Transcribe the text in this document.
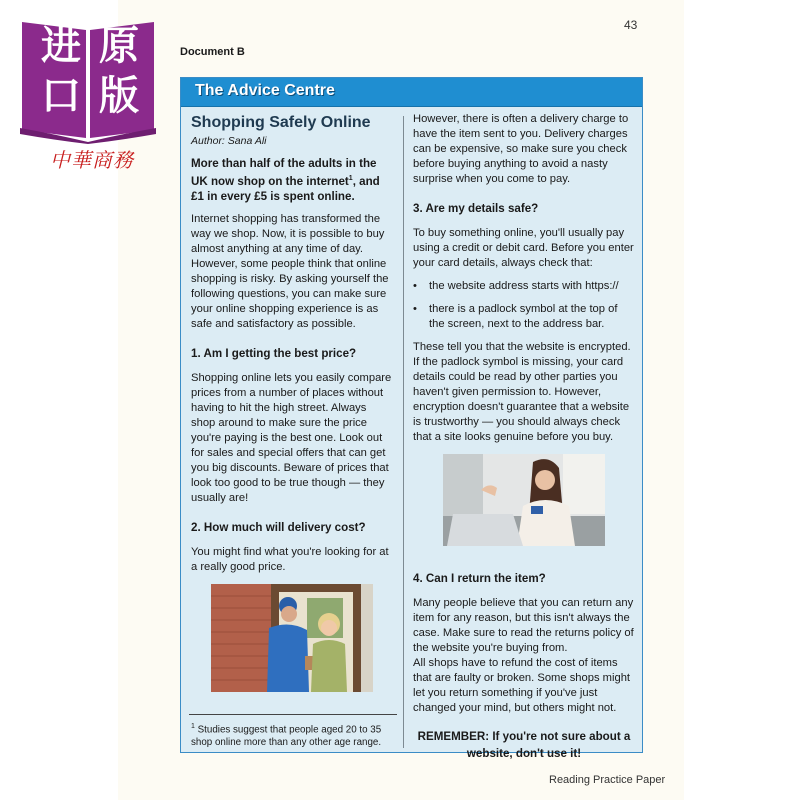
进 原
口 版
中華商務
43
Document B
The Advice Centre
Shopping Safely Online

Author: Sana Ali

More than half of the adults in the UK now shop on the internet$^1$, and £1 in every £5 is spent online.

Internet shopping has transformed the way we shop. Now, it is possible to buy almost anything at any time of day. However, some people think that online shopping is risky. By asking yourself the following questions, you can make sure your online shopping experience is as safe and satisfactory as possible.

1. Am I getting the best price?

Shopping online lets you easily compare prices from a number of places without having to hit the high street. Always shop around to make sure the price you're paying is the best one. Look out for sales and special offers that can get you big discounts. Beware of prices that look too good to be true though — they usually are!

2. How much will delivery cost?

You might find what you're looking for at a really good price.

$^1$ Studies suggest that people aged 20 to 35 shop online more than any other age range.

However, there is often a delivery charge to have the item sent to you. Delivery charges can be expensive, so make sure you check before buying anything to avoid a nasty surprise when you come to pay.

3. Are my details safe?

To buy something online, you'll usually pay using a credit or debit card. Before you enter your card details, always check that:

• the website address starts with https://
• there is a padlock symbol at the top of the screen, next to the address bar.

These tell you that the website is encrypted. If the padlock symbol is missing, your card details could be read by other parties you haven't given permission to. However, encryption doesn't guarantee that a website is trustworthy — you should always check that a site looks genuine before you buy.

4. Can I return the item?

Many people believe that you can return any item for any reason, but this isn't always the case. Make sure to read the returns policy of the website you're buying from.

All shops have to refund the cost of items that are faulty or broken. Some shops might let you return something if you've just changed your mind, but others might not.

REMEMBER: If you're not sure about a website, don't use it!
Reading Practice Paper
